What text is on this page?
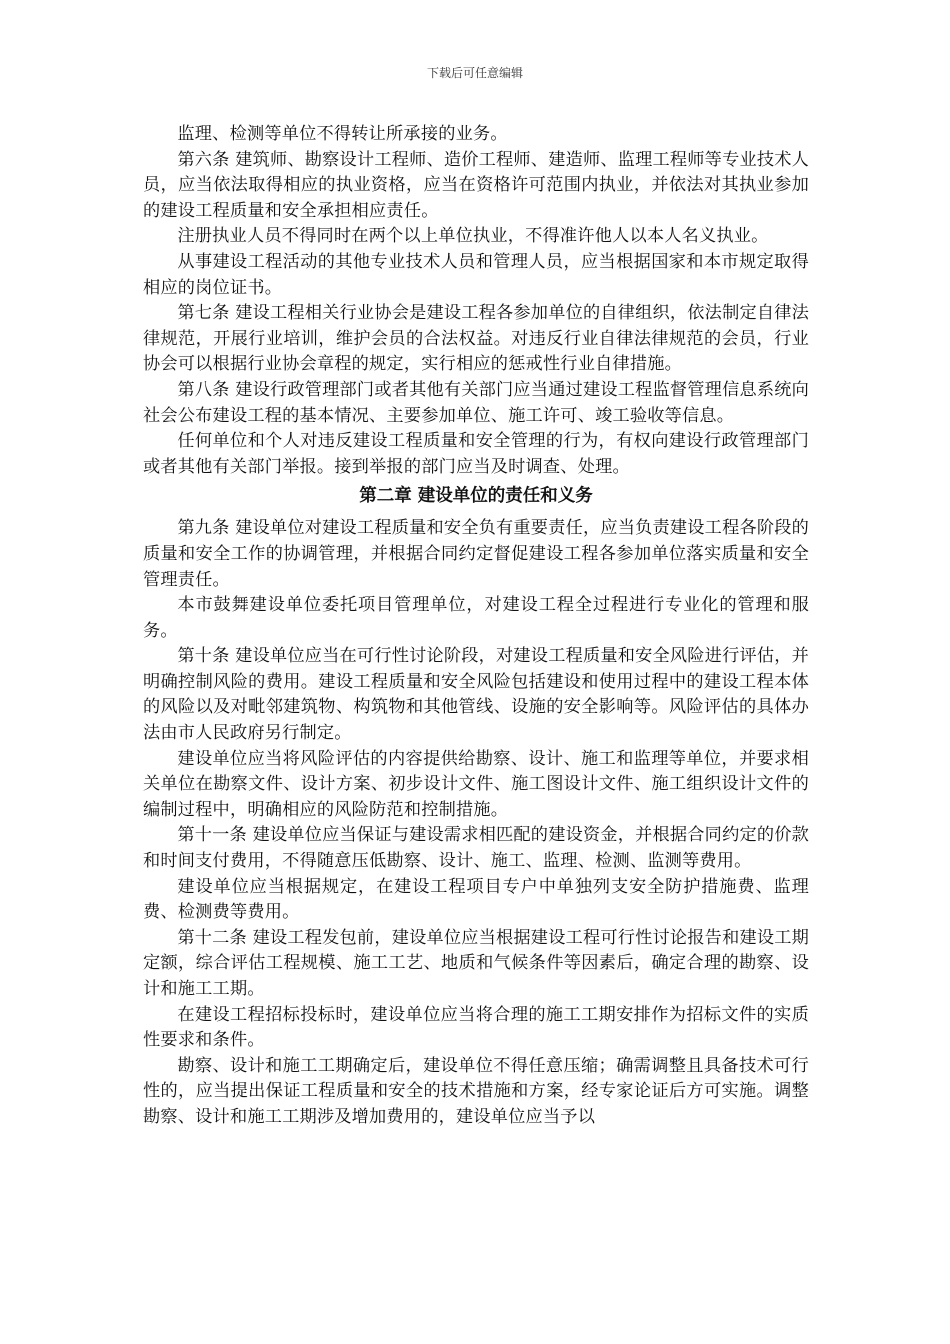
下载后可任意编辑

监理、检测等单位不得转让所承接的业务。

第六条 建筑师、勘察设计工程师、造价工程师、建造师、监理工程师等专业技术人员，应当依法取得相应的执业资格，应当在资格许可范围内执业，并依法对其执业参加的建设工程质量和安全承担相应责任。

注册执业人员不得同时在两个以上单位执业，不得准许他人以本人名义执业。

从事建设工程活动的其他专业技术人员和管理人员，应当根据国家和本市规定取得相应的岗位证书。

第七条 建设工程相关行业协会是建设工程各参加单位的自律组织，依法制定自律法律规范，开展行业培训，维护会员的合法权益。对违反行业自律法律规范的会员，行业协会可以根据行业协会章程的规定，实行相应的惩戒性行业自律措施。

第八条 建设行政管理部门或者其他有关部门应当通过建设工程监督管理信息系统向社会公布建设工程的基本情况、主要参加单位、施工许可、竣工验收等信息。

任何单位和个人对违反建设工程质量和安全管理的行为，有权向建设行政管理部门或者其他有关部门举报。接到举报的部门应当及时调查、处理。

第二章 建设单位的责任和义务

第九条 建设单位对建设工程质量和安全负有重要责任，应当负责建设工程各阶段的质量和安全工作的协调管理，并根据合同约定督促建设工程各参加单位落实质量和安全管理责任。

本市鼓舞建设单位委托项目管理单位，对建设工程全过程进行专业化的管理和服务。

第十条 建设单位应当在可行性讨论阶段，对建设工程质量和安全风险进行评估，并明确控制风险的费用。建设工程质量和安全风险包括建设和使用过程中的建设工程本体的风险以及对毗邻建筑物、构筑物和其他管线、设施的安全影响等。风险评估的具体办法由市人民政府另行制定。

建设单位应当将风险评估的内容提供给勘察、设计、施工和监理等单位，并要求相关单位在勘察文件、设计方案、初步设计文件、施工图设计文件、施工组织设计文件的编制过程中，明确相应的风险防范和控制措施。

第十一条 建设单位应当保证与建设需求相匹配的建设资金，并根据合同约定的价款和时间支付费用，不得随意压低勘察、设计、施工、监理、检测、监测等费用。

建设单位应当根据规定，在建设工程项目专户中单独列支安全防护措施费、监理费、检测费等费用。

第十二条 建设工程发包前，建设单位应当根据建设工程可行性讨论报告和建设工期定额，综合评估工程规模、施工工艺、地质和气候条件等因素后，确定合理的勘察、设计和施工工期。

在建设工程招标投标时，建设单位应当将合理的施工工期安排作为招标文件的实质性要求和条件。

勘察、设计和施工工期确定后，建设单位不得任意压缩；确需调整且具备技术可行性的，应当提出保证工程质量和安全的技术措施和方案，经专家论证后方可实施。调整勘察、设计和施工工期涉及增加费用的，建设单位应当予以
